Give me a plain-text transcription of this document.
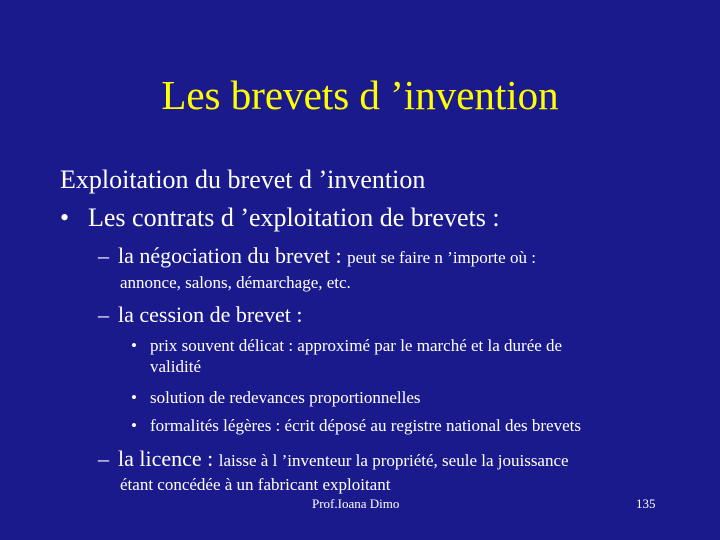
Les brevets d ’invention
Exploitation du brevet d ’invention
• Les contrats d ’exploitation de brevets :
– la négociation du brevet : peut se faire n ’importe où :
annonce, salons, démarchage, etc.
– la cession de brevet :
• prix souvent délicat : approximé par le marché et la durée de
validité
• solution de redevances proportionnelles
• formalités légères : écrit déposé au registre national des brevets
– la licence : laisse à l ’inventeur la propriété, seule la jouissance
étant concédée à un fabricant exploitant
Prof.Ioana Dimo	135
